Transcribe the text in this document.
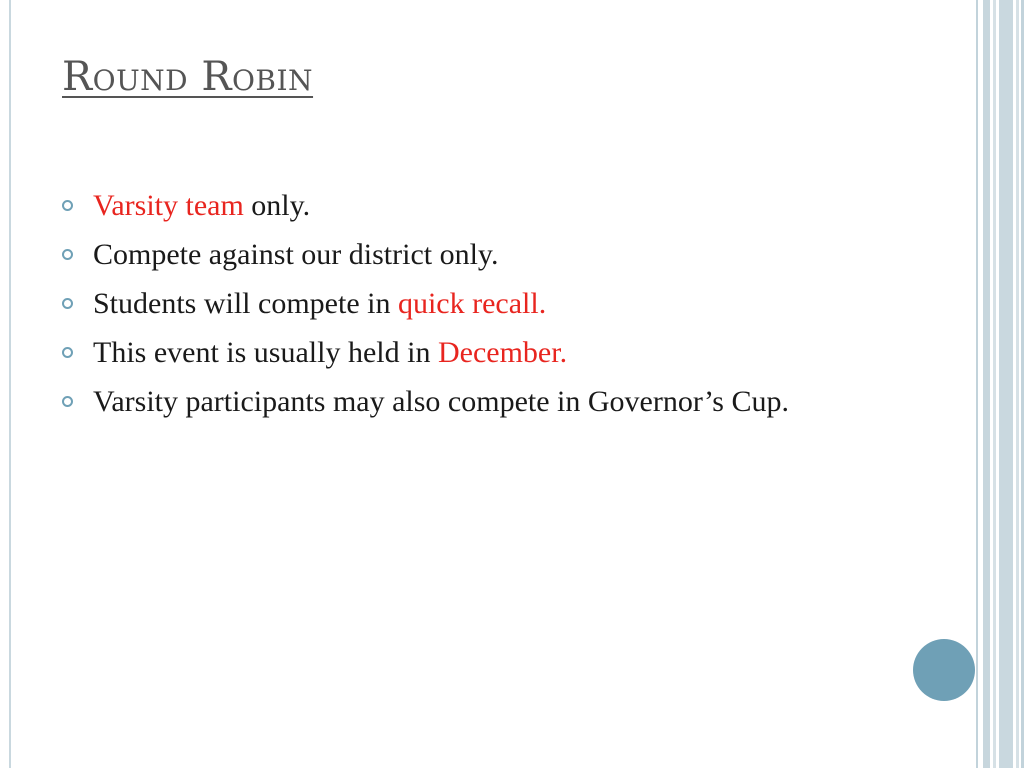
Round Robin
Varsity team only.
Compete against our district only.
Students will compete in quick recall.
This event is usually held in December.
Varsity participants may also compete in Governor’s Cup.
